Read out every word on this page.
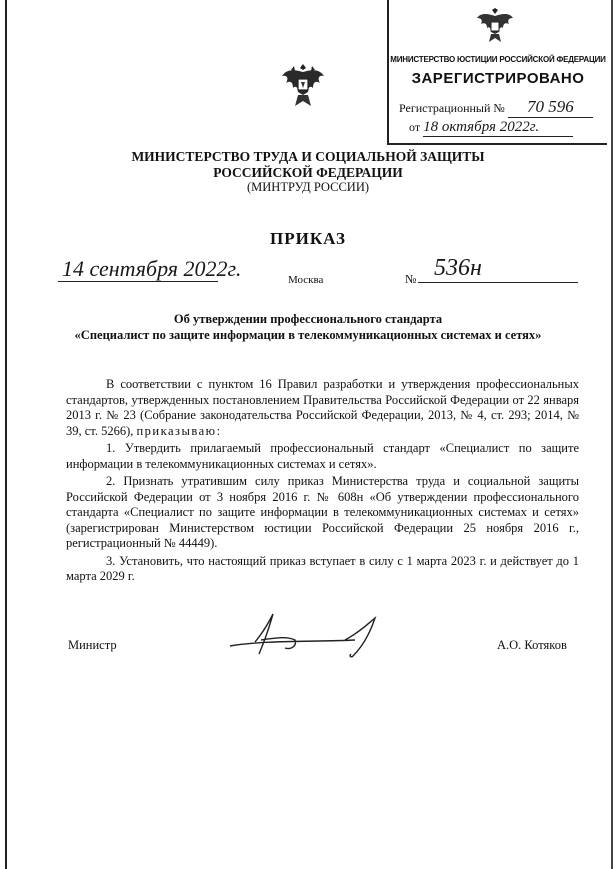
МИНИСТЕРСТВО ЮСТИЦИИ РОССИЙСКОЙ ФЕДЕРАЦИИ
ЗАРЕГИСТРИРОВАНО
Регистрационный № 70 596
от 18 октября 2022г.
МИНИСТЕРСТВО ТРУДА И СОЦИАЛЬНОЙ ЗАЩИТЫ
РОССИЙСКОЙ ФЕДЕРАЦИИ
(МИНТРУД РОССИИ)
ПРИКАЗ
14 сентября 2022г.	Москва	№ 536н
Об утверждении профессионального стандарта
«Специалист по защите информации в телекоммуникационных системах и сетях»

В соответствии с пунктом 16 Правил разработки и утверждения профессиональных стандартов, утвержденных постановлением Правительства Российской Федерации от 22 января 2013 г. № 23 (Собрание законодательства Российской Федерации, 2013, № 4, ст. 293; 2014, № 39, ст. 5266), приказываю:

1. Утвердить прилагаемый профессиональный стандарт «Специалист по защите информации в телекоммуникационных системах и сетях».

2. Признать утратившим силу приказ Министерства труда и социальной защиты Российской Федерации от 3 ноября 2016 г. № 608н «Об утверждении профессионального стандарта «Специалист по защите информации в телекоммуникационных системах и сетях» (зарегистрирован Министерством юстиции Российской Федерации 25 ноября 2016 г., регистрационный № 44449).

3. Установить, что настоящий приказ вступает в силу с 1 марта 2023 г. и действует до 1 марта 2029 г.

Министр	А.О. Котяков
